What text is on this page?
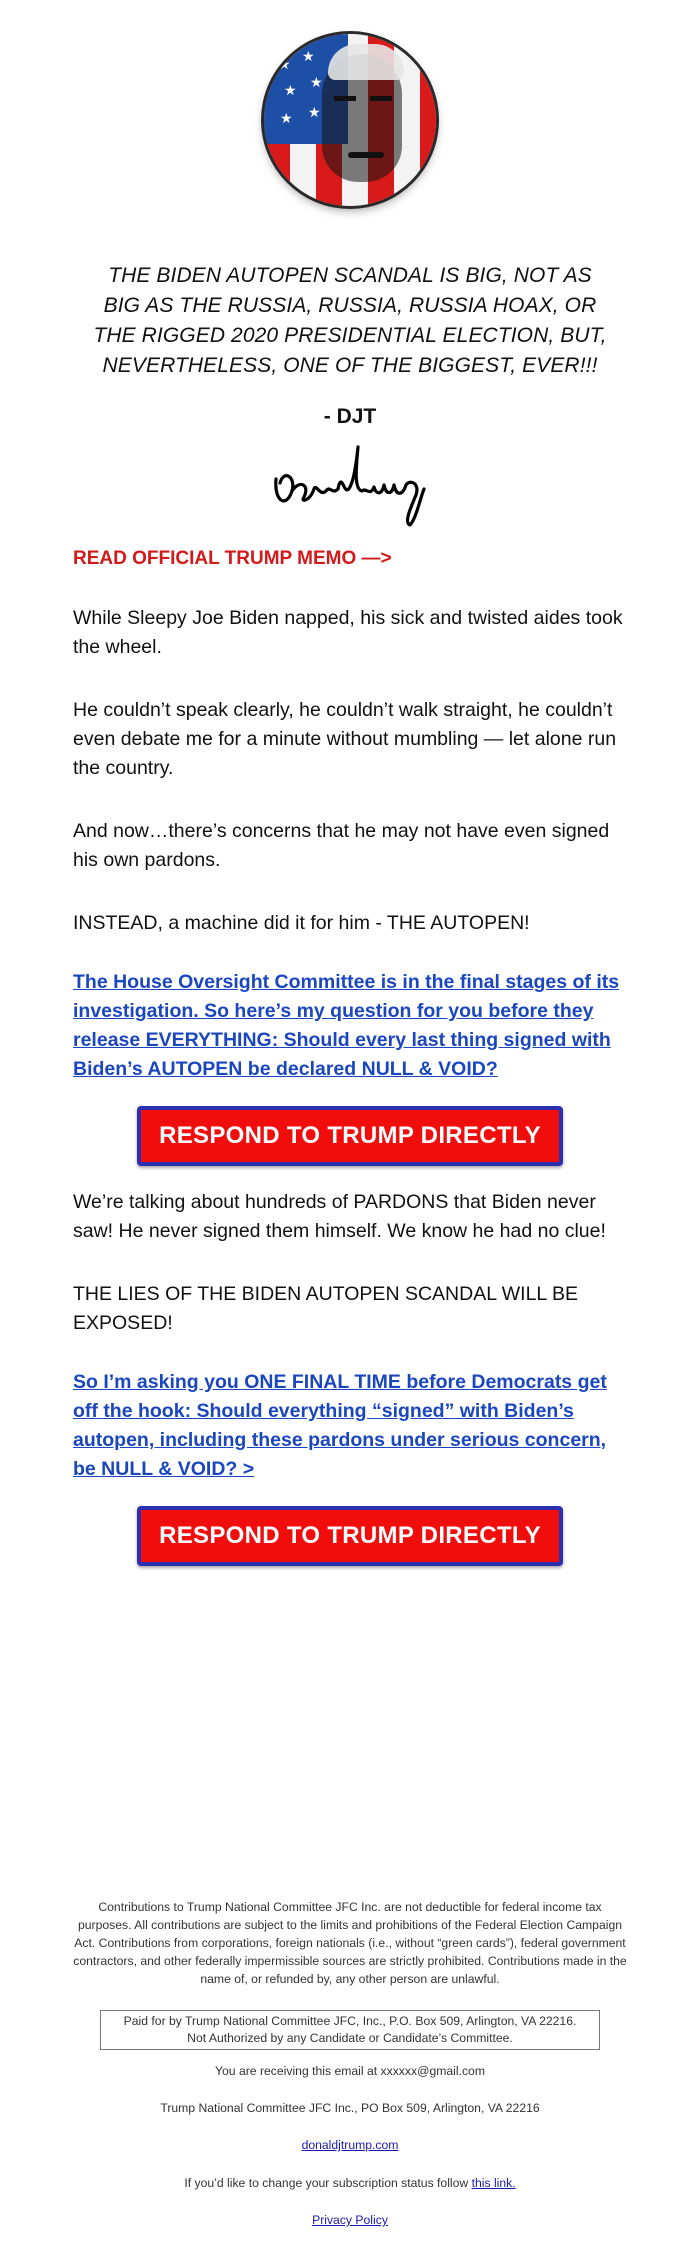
★ ★
★ ★
★ ★
THE BIDEN AUTOPEN SCANDAL IS BIG, NOT AS BIG AS THE RUSSIA, RUSSIA, RUSSIA HOAX, OR THE RIGGED 2020 PRESIDENTIAL ELECTION, BUT, NEVERTHELESS, ONE OF THE BIGGEST, EVER!!!
- DJT
READ OFFICIAL TRUMP MEMO —>

While Sleepy Joe Biden napped, his sick and twisted aides took the wheel.

He couldn’t speak clearly, he couldn’t walk straight, he couldn’t even debate me for a minute without mumbling — let alone run the country.

And now…there’s concerns that he may not have even signed his own pardons.

INSTEAD, a machine did it for him - THE AUTOPEN!

The House Oversight Committee is in the final stages of its investigation. So here’s my question for you before they release EVERYTHING: Should every last thing signed with Biden’s AUTOPEN be declared NULL & VOID?
RESPOND TO TRUMP DIRECTLY

We’re talking about hundreds of PARDONS that Biden never saw! He never signed them himself. We know he had no clue!

THE LIES OF THE BIDEN AUTOPEN SCANDAL WILL BE EXPOSED!

So I’m asking you ONE FINAL TIME before Democrats get off the hook: Should everything “signed” with Biden’s autopen, including these pardons under serious concern, be NULL & VOID? >
RESPOND TO TRUMP DIRECTLY
Contributions to Trump National Committee JFC Inc. are not deductible for federal income tax purposes. All contributions are subject to the limits and prohibitions of the Federal Election Campaign Act. Contributions from corporations, foreign nationals (i.e., without “green cards”), federal government contractors, and other federally impermissible sources are strictly prohibited. Contributions made in the name of, or refunded by, any other person are unlawful.
Paid for by Trump National Committee JFC, Inc., P.O. Box 509, Arlington, VA 22216.
Not Authorized by any Candidate or Candidate’s Committee.
You are receiving this email at xxxxxx@gmail.com
Trump National Committee JFC Inc., PO Box 509, Arlington, VA 22216
donaldjtrump.com
If you’d like to change your subscription status follow this link.
Privacy Policy
